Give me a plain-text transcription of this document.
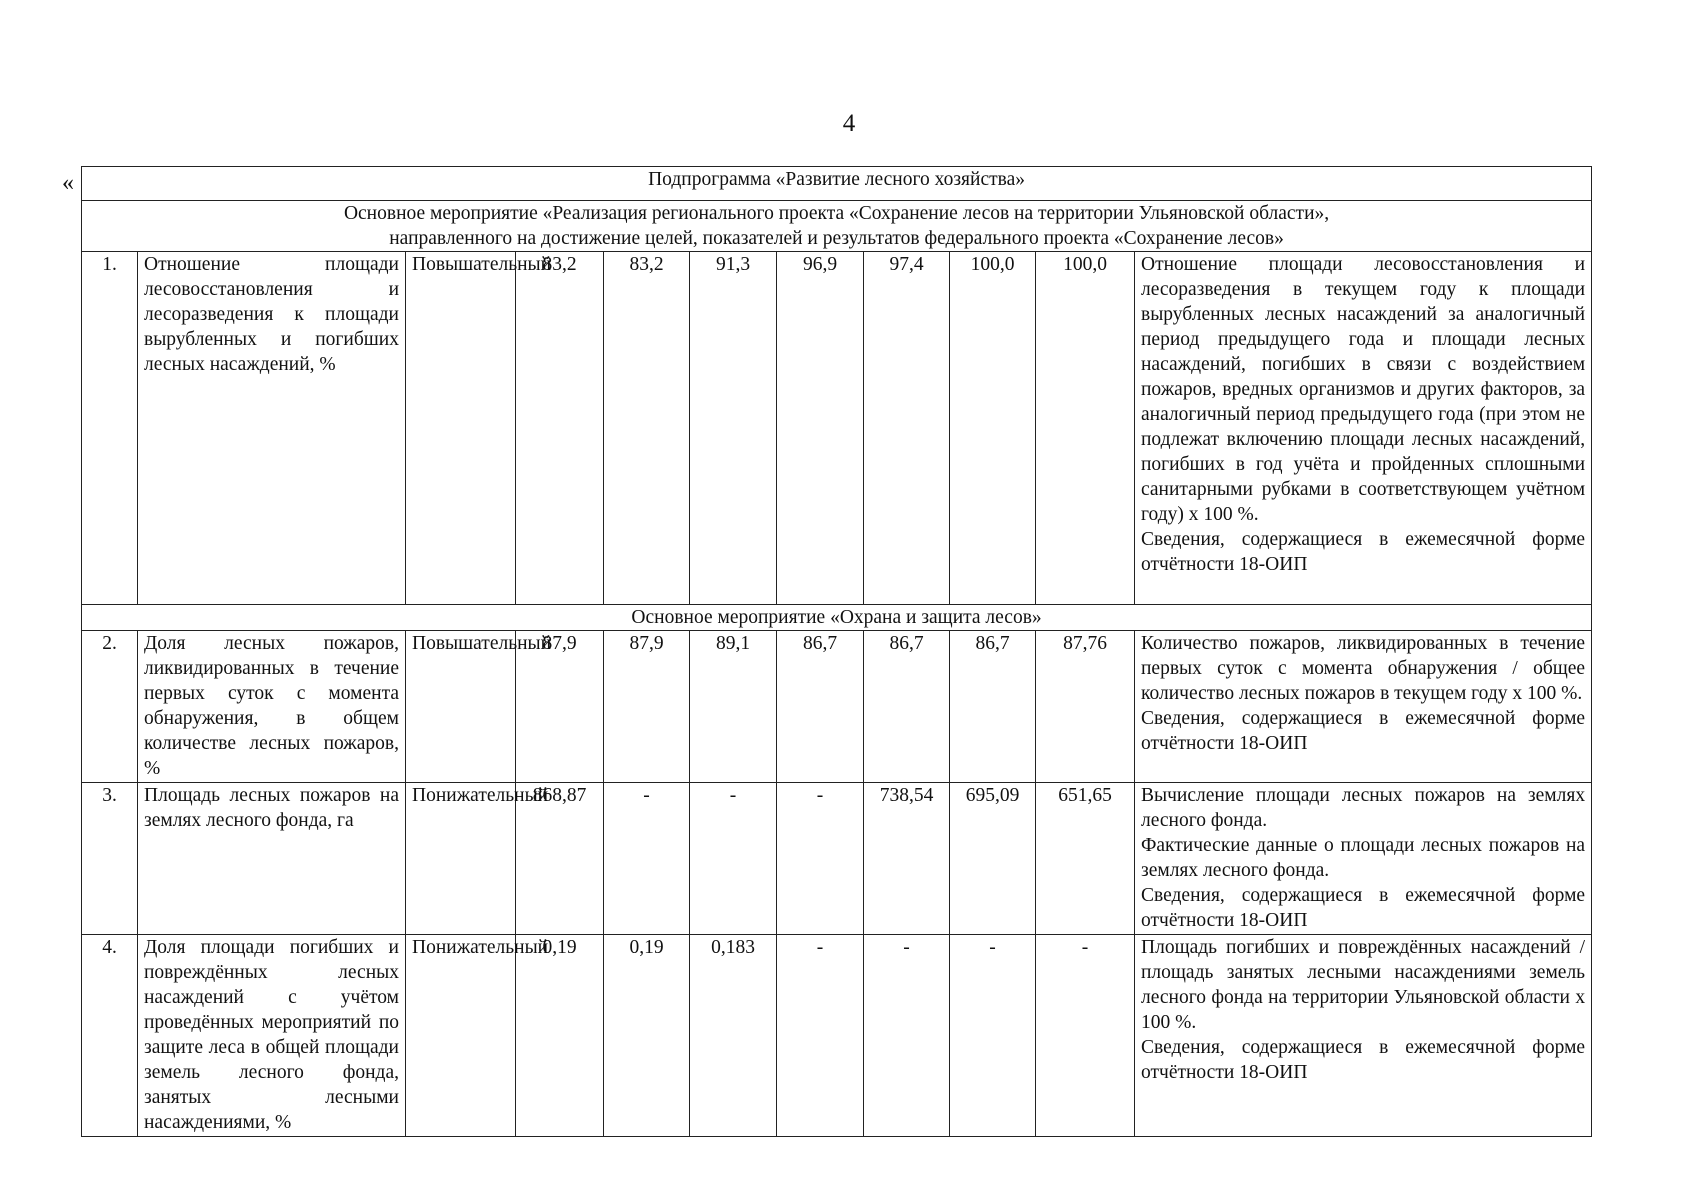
4
«	Подпрограмма «Развитие лесного хозяйства»										

Основное мероприятие «Реализация регионального проекта «Сохранение лесов на территории Ульяновской области»,
направленного на достижение целей, показателей и результатов федерального проекта «Сохранение лесов»										

1.	Отношение площади лесовосстановления и лесоразведения к площади вырубленных и погибших лесных насаждений, %	Повышательный	83,2	83,2	91,3	96,9	97,4	100,0	100,0	Отношение площади лесовосстановления и лесоразведения в текущем году к площади вырубленных лесных насаждений за аналогичный период предыдущего года и площади лесных насаждений, погибших в связи с воздействием пожаров, вредных организмов и других факторов, за аналогичный период предыдущего года (при этом не подлежат включению площади лесных насаждений, погибших в год учёта и пройденных сплошными санитарными рубками в соответствующем учётном году) х 100 %.
Сведения, содержащиеся в ежемесячной форме отчётности 18-ОИП

Основное мероприятие «Охрана и защита лесов»										
2.	Доля лесных пожаров, ликвидированных в течение первых суток с момента обнаружения, в общем количестве лесных пожаров, %	Повышательный	87,9	87,9	89,1	86,7	86,7	86,7	87,76	Количество пожаров, ликвидированных в течение первых суток с момента обнаружения / общее количество лесных пожаров в текущем году х 100 %.
Сведения, содержащиеся в ежемесячной форме отчётности 18-ОИП

3.	Площадь лесных пожаров на землях лесного фонда, га	Понижательный	868,87	-	-	-	738,54	695,09	651,65	Вычисление площади лесных пожаров на землях лесного фонда.
Фактические данные о площади лесных пожаров на землях лесного фонда.
Сведения, содержащиеся в ежемесячной форме отчётности 18-ОИП

4.	Доля площади погибших и повреждённых лесных насаждений с учётом проведённых мероприятий по защите леса в общей площади земель лесного фонда, занятых лесными насаждениями, %	Понижательный	0,19	0,19	0,183	-	-	-	-	Площадь погибших и повреждённых насаждений / площадь занятых лесными насаждениями земель лесного фонда на территории Ульяновской области х 100 %.
Сведения, содержащиеся в ежемесячной форме отчётности 18-ОИП
